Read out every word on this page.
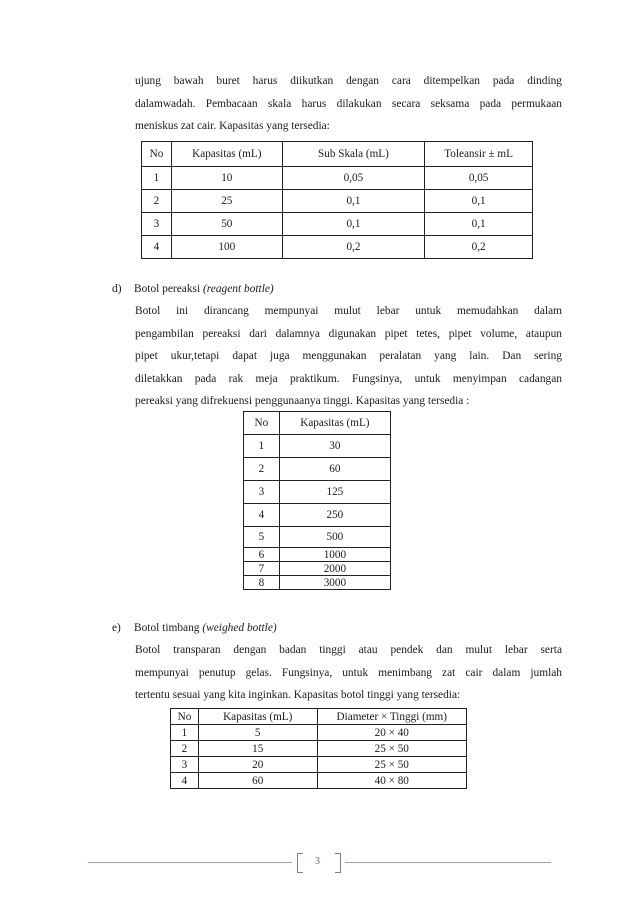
ujung bawah buret harus diikutkan dengan cara ditempelkan pada dinding
dalamwadah. Pembacaan skala harus dilakukan secara seksama pada permukaan
meniskus zat cair. Kapasitas yang tersedia:
No	Kapasitas (mL)	Sub Skala (mL)	Toleansir ± mL
1	10	0,05	0,05
2	25	0,1	0,1
3	50	0,1	0,1
4	100	0,2	0,2
d) Botol pereaksi (reagent bottle)
Botol ini dirancang mempunyai mulut lebar untuk memudahkan dalam
pengambilan pereaksi dari dalamnya digunakan pipet tetes, pipet volume, ataupun
pipet ukur,tetapi dapat juga menggunakan peralatan yang lain. Dan sering
diletakkan pada rak meja praktikum. Fungsinya, untuk menyimpan cadangan
pereaksi yang difrekuensi penggunaanya tinggi. Kapasitas yang tersedia :
No	Kapasitas (mL)
1	30
2	60
3	125
4	250
5	500
6	1000
7	2000
8	3000
e) Botol timbang (weighed bottle)
Botol transparan dengan badan tinggi atau pendek dan mulut lebar serta
mempunyai penutup gelas. Fungsinya, untuk menimbang zat cair dalam jumlah
tertentu sesuai yang kita inginkan. Kapasitas botol tinggi yang tersedia:
No	Kapasitas (mL)	Diameter × Tinggi (mm)
1	5	20 × 40
2	15	25 × 50
3	20	25 × 50
4	60	40 × 80
3
